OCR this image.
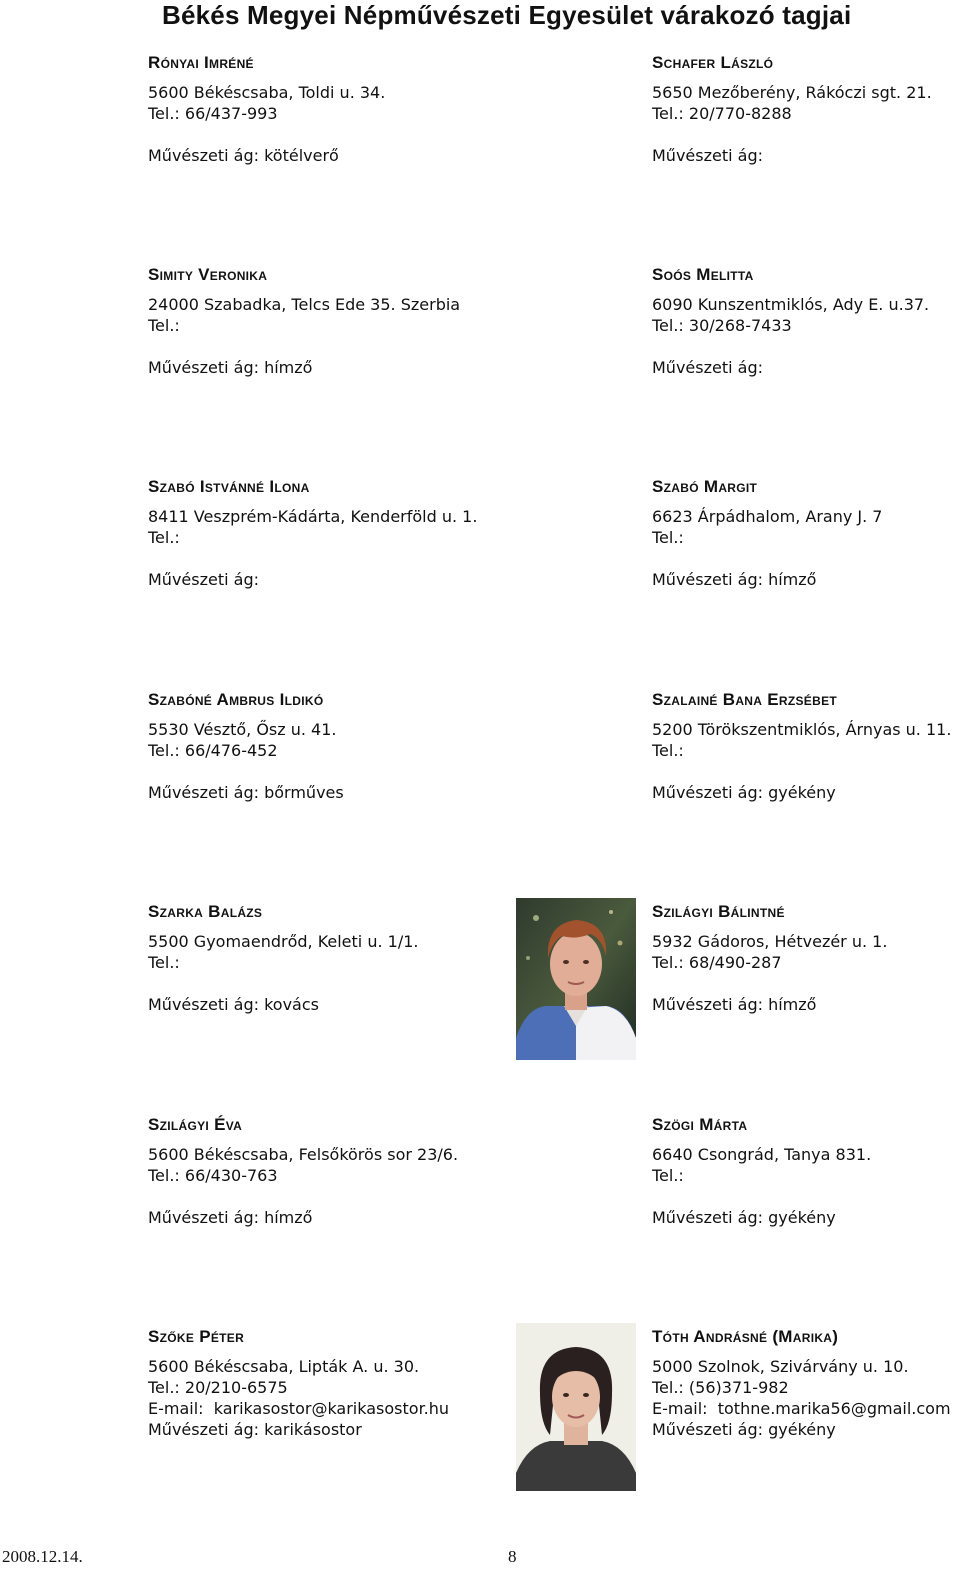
Békés Megyei Népművészeti Egyesület várakozó tagjai
Rónyai Imréné
5600 Békéscsaba, Toldi u. 34.
Tel.: 66/437-993
Művészeti ág: kötélverő
Schafer László
5650 Mezőberény, Rákóczi sgt. 21.
Tel.: 20/770-8288
Művészeti ág:
Simity Veronika
24000 Szabadka, Telcs Ede 35. Szerbia
Tel.:
Művészeti ág: hímző
Soós Melitta
6090 Kunszentmiklós, Ady E. u.37.
Tel.: 30/268-7433
Művészeti ág:
Szabó Istvánné Ilona
8411 Veszprém-Kádárta, Kenderföld u. 1.
Tel.:
Művészeti ág:
Szabó Margit
6623 Árpádhalom, Arany J. 7
Tel.:
Művészeti ág: hímző
Szabóné Ambrus Ildikó
5530 Vésztő, Ősz u. 41.
Tel.: 66/476-452
Művészeti ág: bőrműves
Szalainé Bana Erzsébet
5200 Törökszentmiklós, Árnyas u. 11.
Tel.:
Művészeti ág: gyékény
Szarka Balázs
5500 Gyomaendrőd, Keleti u. 1/1.
Tel.:
Művészeti ág: kovács
Szilágyi Bálintné
5932 Gádoros, Hétvezér u. 1.
Tel.: 68/490-287
Művészeti ág: hímző
Szilágyi Éva
5600 Békéscsaba, Felsőkörös sor 23/6.
Tel.: 66/430-763
Művészeti ág: hímző
Szögi Márta
6640 Csongrád, Tanya 831.
Tel.:
Művészeti ág: gyékény
Szőke Péter
5600 Békéscsaba, Lipták A. u. 30.
Tel.: 20/210-6575
E-mail: karikasostor@karikasostor.hu
Művészeti ág: karikásostor
Tóth Andrásné (Marika)
5000 Szolnok, Szivárvány u. 10.
Tel.: (56)371-982
E-mail: tothne.marika56@gmail.com
Művészeti ág: gyékény
2008.12.14.	8
